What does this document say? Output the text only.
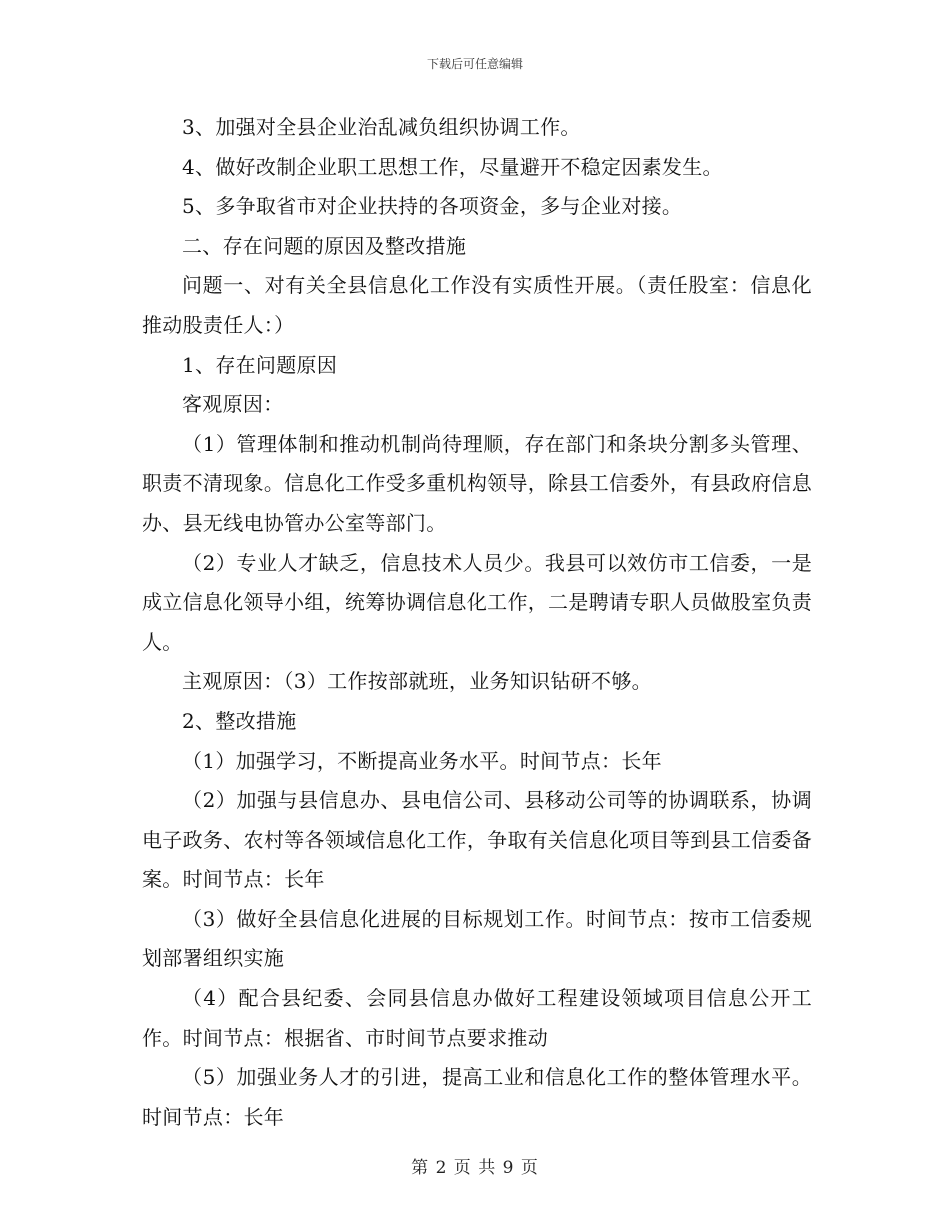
下载后可任意编辑

3、加强对全县企业治乱减负组织协调工作。

4、做好改制企业职工思想工作，尽量避开不稳定因素发生。

5、多争取省市对企业扶持的各项资金，多与企业对接。

二、存在问题的原因及整改措施

问题一、对有关全县信息化工作没有实质性开展。（责任股室：信息化推动股责任人：）

1、存在问题原因

客观原因：

（1）管理体制和推动机制尚待理顺，存在部门和条块分割多头管理、职责不清现象。信息化工作受多重机构领导，除县工信委外，有县政府信息办、县无线电协管办公室等部门。

（2）专业人才缺乏，信息技术人员少。我县可以效仿市工信委，一是成立信息化领导小组，统筹协调信息化工作，二是聘请专职人员做股室负责人。

主观原因：（3）工作按部就班，业务知识钻研不够。

2、整改措施

（1）加强学习，不断提高业务水平。时间节点：长年

（2）加强与县信息办、县电信公司、县移动公司等的协调联系，协调电子政务、农村等各领域信息化工作，争取有关信息化项目等到县工信委备案。时间节点：长年

（3）做好全县信息化进展的目标规划工作。时间节点：按市工信委规划部署组织实施

（4）配合县纪委、会同县信息办做好工程建设领域项目信息公开工作。时间节点：根据省、市时间节点要求推动

（5）加强业务人才的引进，提高工业和信息化工作的整体管理水平。时间节点：长年

第 2 页 共 9 页
